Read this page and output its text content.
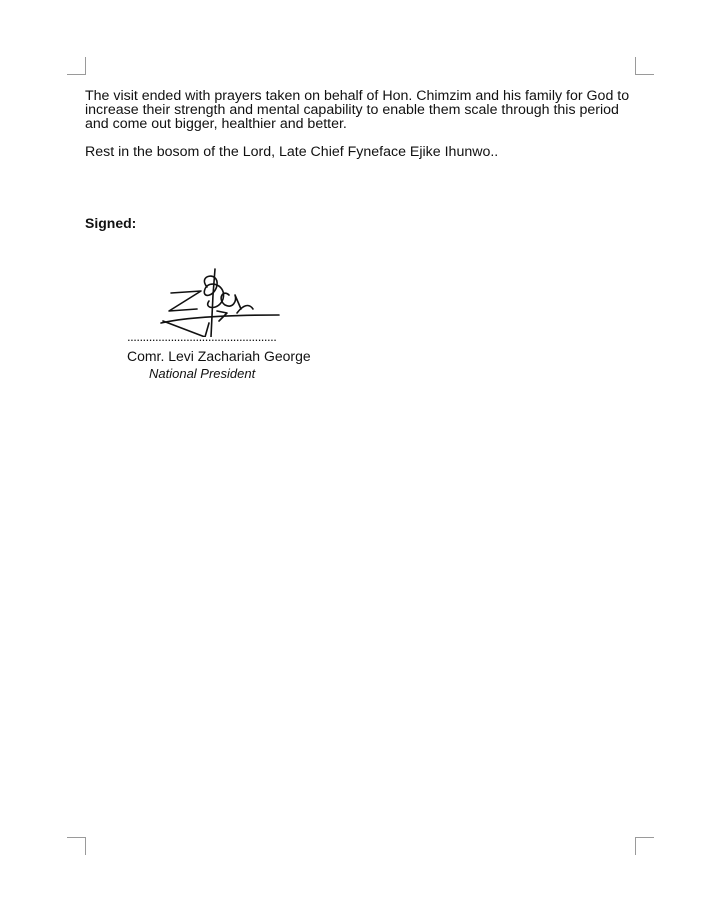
The visit ended with prayers taken on behalf of Hon. Chimzim and his family for God to increase their strength and mental capability to enable them scale through this period and come out bigger, healthier and better.

Rest in the bosom of the Lord, Late Chief Fyneface Ejike Ihunwo..

Signed:

................................................

Comr. Levi Zachariah George

National President
